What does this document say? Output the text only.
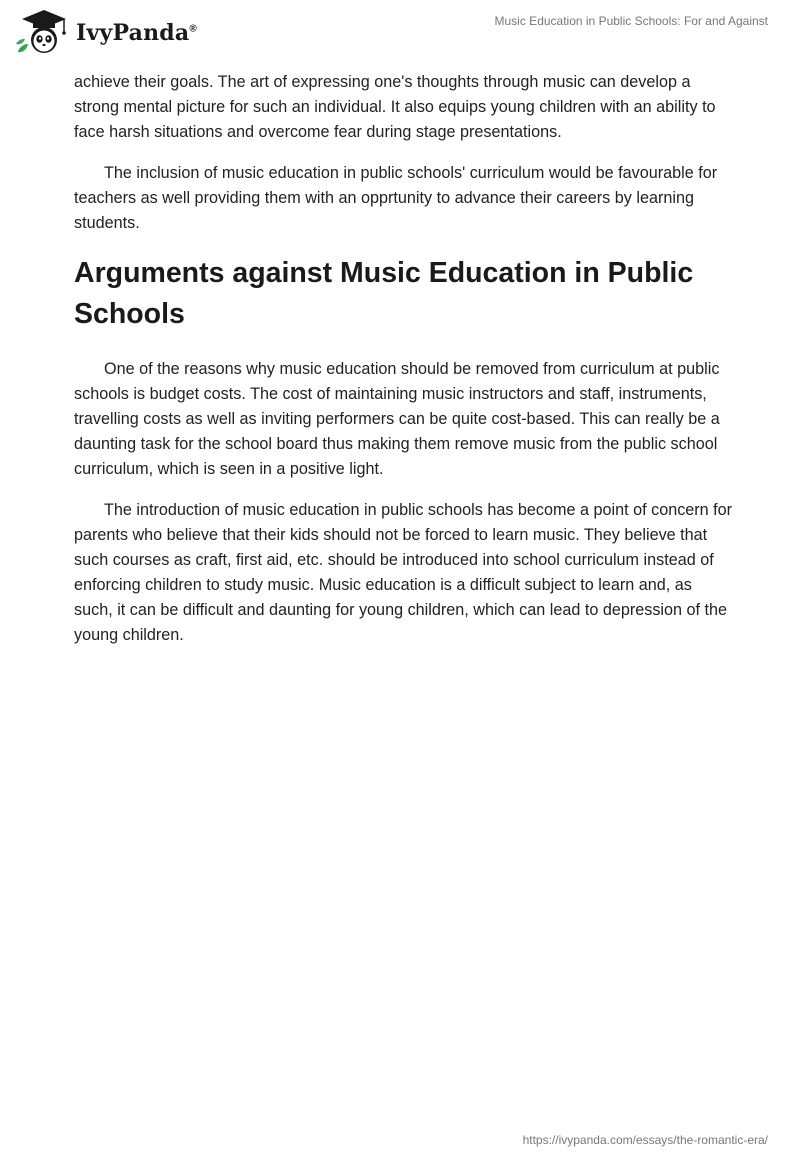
IvyPanda®
Music Education in Public Schools: For and Against

achieve their goals. The art of expressing one's thoughts through music can develop a strong mental picture for such an individual. It also equips young children with an ability to face harsh situations and overcome fear during stage presentations.

The inclusion of music education in public schools' curriculum would be favourable for teachers as well providing them with an opprtunity to advance their careers by learning students.

Arguments against Music Education in Public Schools

One of the reasons why music education should be removed from curriculum at public schools is budget costs. The cost of maintaining music instructors and staff, instruments, travelling costs as well as inviting performers can be quite cost-based. This can really be a daunting task for the school board thus making them remove music from the public school curriculum, which is seen in a positive light.

The introduction of music education in public schools has become a point of concern for parents who believe that their kids should not be forced to learn music. They believe that such courses as craft, first aid, etc. should be introduced into school curriculum instead of enforcing children to study music. Music education is a difficult subject to learn and, as such, it can be difficult and daunting for young children, which can lead to depression of the young children.

https://ivypanda.com/essays/the-romantic-era/
